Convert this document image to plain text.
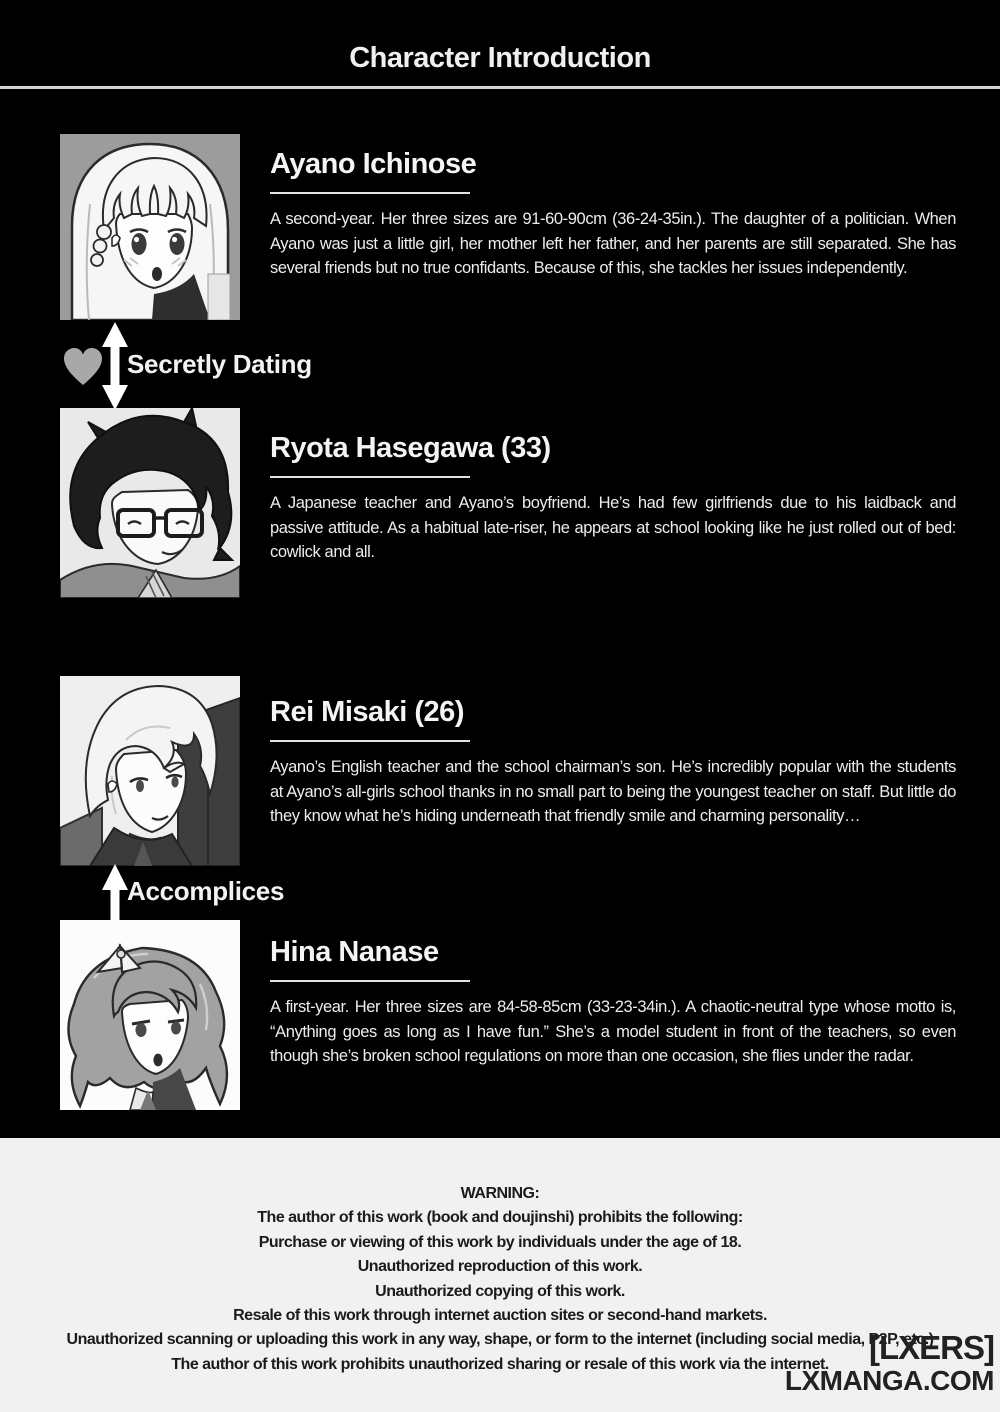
Character Introduction
Ayano Ichinose

A second-year. Her three sizes are 91-60-90cm (36-24-35in.). The daughter of a politician. When Ayano was just a little girl, her mother left her father, and her parents are still separated. She has several friends but no true confidants. Because of this, she tackles her issues independently.

Secretly Dating
Ryota Hasegawa (33)

A Japanese teacher and Ayano’s boyfriend. He’s had few girlfriends due to his laidback and passive attitude. As a habitual late-riser, he appears at school looking like he just rolled out of bed: cowlick and all.

Rei Misaki (26)

Ayano’s English teacher and the school chairman’s son. He’s incredibly popular with the students at Ayano’s all-girls school thanks in no small part to being the youngest teacher on staff. But little do they know what he’s hiding underneath that friendly smile and charming personality…

Accomplices
Hina Nanase

A first-year. Her three sizes are 84-58-85cm (33-23-34in.). A chaotic-neutral type whose motto is, “Anything goes as long as I have fun.” She’s a model student in front of the teachers, so even though she’s broken school regulations on more than one occasion, she flies under the radar.

WARNING:
The author of this work (book and doujinshi) prohibits the following:
Purchase or viewing of this work by individuals under the age of 18.
Unauthorized reproduction of this work.
Unauthorized copying of this work.
Resale of this work through internet auction sites or second-hand markets.
Unauthorized scanning or uploading this work in any way, shape, or form to the internet (including social media, P2P, etc.)
The author of this work prohibits unauthorized sharing or resale of this work via the internet.	[LXERS]
LXMANGA.COM
